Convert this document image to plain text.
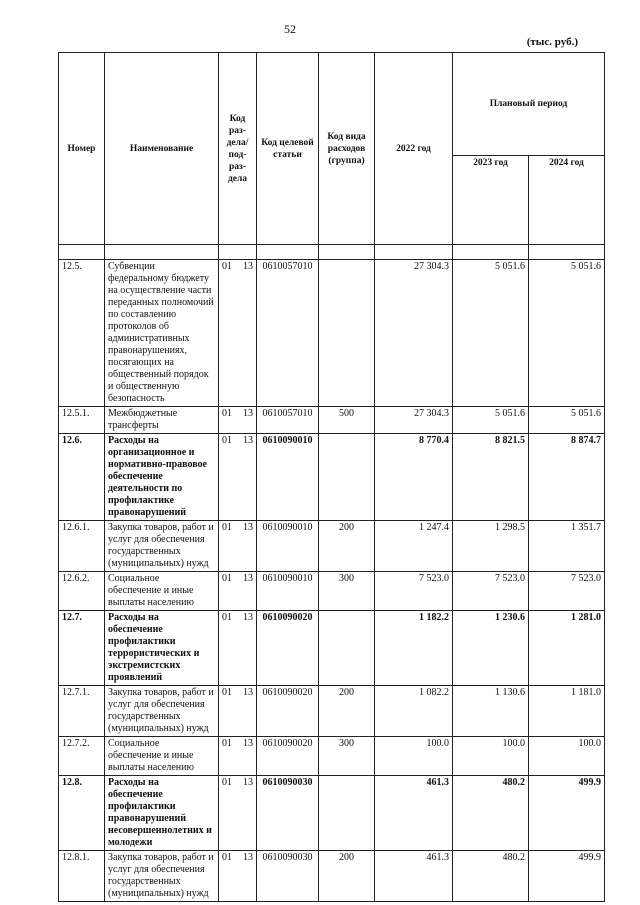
52
(тыс. руб.)
Номер	Наименование	Код раз-дела/ под-раз-дела	Код целевой статьи	Код вида расходов (группа)	2022 год	Плановый период	
						2023 год	2024 год

12.5.	Субвенции федеральному бюджету на осуществление части переданных полномочий по составлению протоколов об административных правонарушениях, посягающих на общественный порядок и общественную безопасность	01 13	0610057010		27 304.3	5 051.6	5 051.6
12.5.1.	Межбюджетные трансферты	01 13	0610057010	500	27 304.3	5 051.6	5 051.6
12.6.	Расходы на организационное и нормативно-правовое обеспечение деятельности по профилактике правонарушений	01 13	0610090010		8 770.4	8 821.5	8 874.7
12.6.1.	Закупка товаров, работ и услуг для обеспечения государственных (муниципальных) нужд	01 13	0610090010	200	1 247.4	1 298.5	1 351.7
12.6.2.	Социальное обеспечение и иные выплаты населению	01 13	0610090010	300	7 523.0	7 523.0	7 523.0
12.7.	Расходы на обеспечение профилактики террористических и экстремистских проявлений	01 13	0610090020		1 182.2	1 230.6	1 281.0
12.7.1.	Закупка товаров, работ и услуг для обеспечения государственных (муниципальных) нужд	01 13	0610090020	200	1 082.2	1 130.6	1 181.0
12.7.2.	Социальное обеспечение и иные выплаты населению	01 13	0610090020	300	100.0	100.0	100.0
12.8.	Расходы на обеспечение профилактики правонарушений несовершеннолетних и молодежи	01 13	0610090030		461.3	480.2	499.9
12.8.1.	Закупка товаров, работ и услуг для обеспечения государственных (муниципальных) нужд	01 13	0610090030	200	461.3	480.2	499.9
